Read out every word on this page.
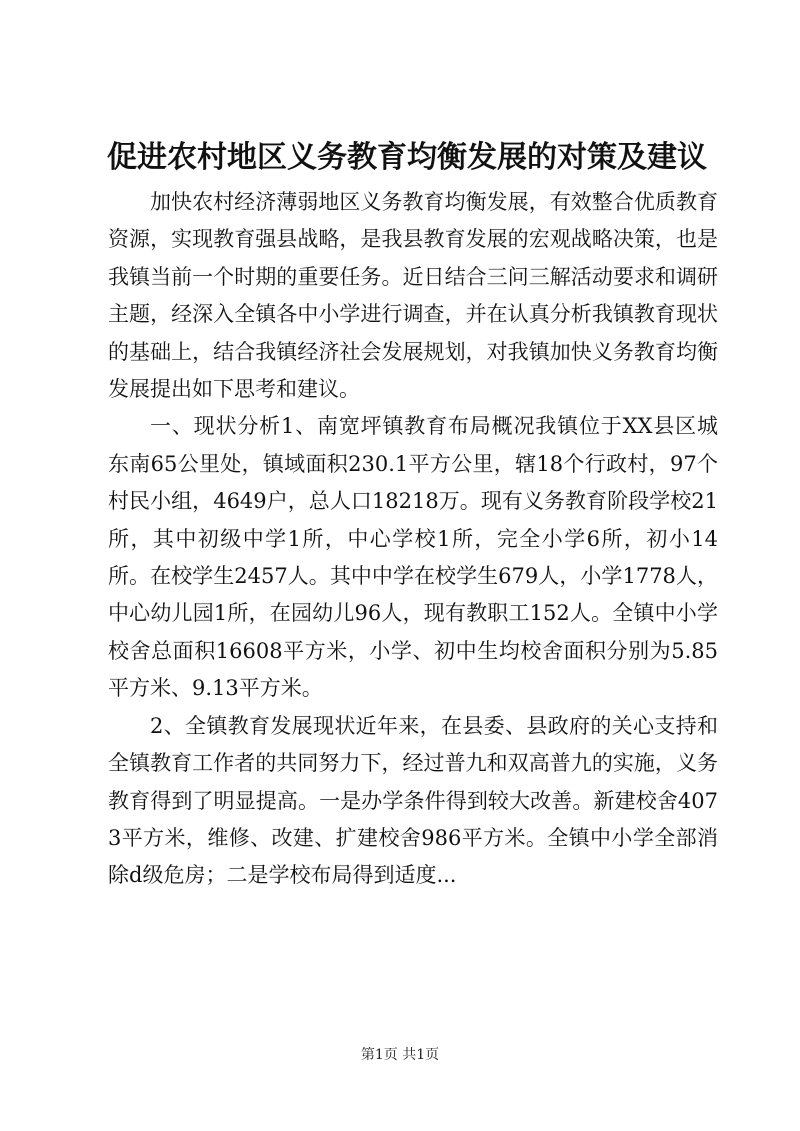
促进农村地区义务教育均衡发展的对策及建议

加快农村经济薄弱地区义务教育均衡发展，有效整合优质教育资源，实现教育强县战略，是我县教育发展的宏观战略决策，也是我镇当前一个时期的重要任务。近日结合三问三解活动要求和调研主题，经深入全镇各中小学进行调查，并在认真分析我镇教育现状的基础上，结合我镇经济社会发展规划，对我镇加快义务教育均衡发展提出如下思考和建议。

一、现状分析1、南宽坪镇教育布局概况我镇位于XX县区城东南65公里处，镇域面积230.1平方公里，辖18个行政村，97个村民小组，4649户，总人口18218万。现有义务教育阶段学校21所，其中初级中学1所，中心学校1所，完全小学6所，初小14所。在校学生2457人。其中中学在校学生679人，小学1778人，中心幼儿园1所，在园幼儿96人，现有教职工152人。全镇中小学校舍总面积16608平方米，小学、初中生均校舍面积分别为5.85平方米、9.13平方米。

2、全镇教育发展现状近年来，在县委、县政府的关心支持和全镇教育工作者的共同努力下，经过普九和双高普九的实施，义务教育得到了明显提高。一是办学条件得到较大改善。新建校舍4073平方米，维修、改建、扩建校舍986平方米。全镇中小学全部消除d级危房；二是学校布局得到适度...

第1页 共1页
